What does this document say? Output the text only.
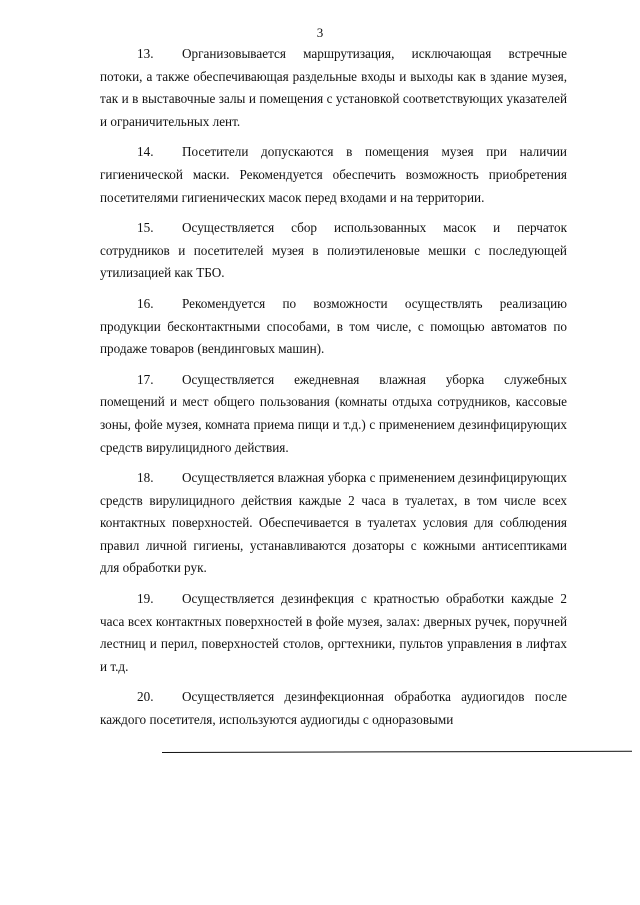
3

13. Организовывается маршрутизация, исключающая встречные потоки, а также обеспечивающая раздельные входы и выходы как в здание музея, так и в выставочные залы и помещения с установкой соответствующих указателей и ограничительных лент.

14. Посетители допускаются в помещения музея при наличии гигиенической маски. Рекомендуется обеспечить возможность приобретения посетителями гигиенических масок перед входами и на территории.

15. Осуществляется сбор использованных масок и перчаток сотрудников и посетителей музея в полиэтиленовые мешки с последующей утилизацией как ТБО.

16. Рекомендуется по возможности осуществлять реализацию продукции бесконтактными способами, в том числе, с помощью автоматов по продаже товаров (вендинговых машин).

17. Осуществляется ежедневная влажная уборка служебных помещений и мест общего пользования (комнаты отдыха сотрудников, кассовые зоны, фойе музея, комната приема пищи и т.д.) с применением дезинфицирующих средств вирулицидного действия.

18. Осуществляется влажная уборка с применением дезинфицирующих средств вирулицидного действия каждые 2 часа в туалетах, в том числе всех контактных поверхностей. Обеспечивается в туалетах условия для соблюдения правил личной гигиены, устанавливаются дозаторы с кожными антисептиками для обработки рук.

19. Осуществляется дезинфекция с кратностью обработки каждые 2 часа всех контактных поверхностей в фойе музея, залах: дверных ручек, поручней лестниц и перил, поверхностей столов, оргтехники, пультов управления в лифтах и т.д.

20. Осуществляется дезинфекционная обработка аудиогидов после каждого посетителя, используются аудиогиды с одноразовыми
